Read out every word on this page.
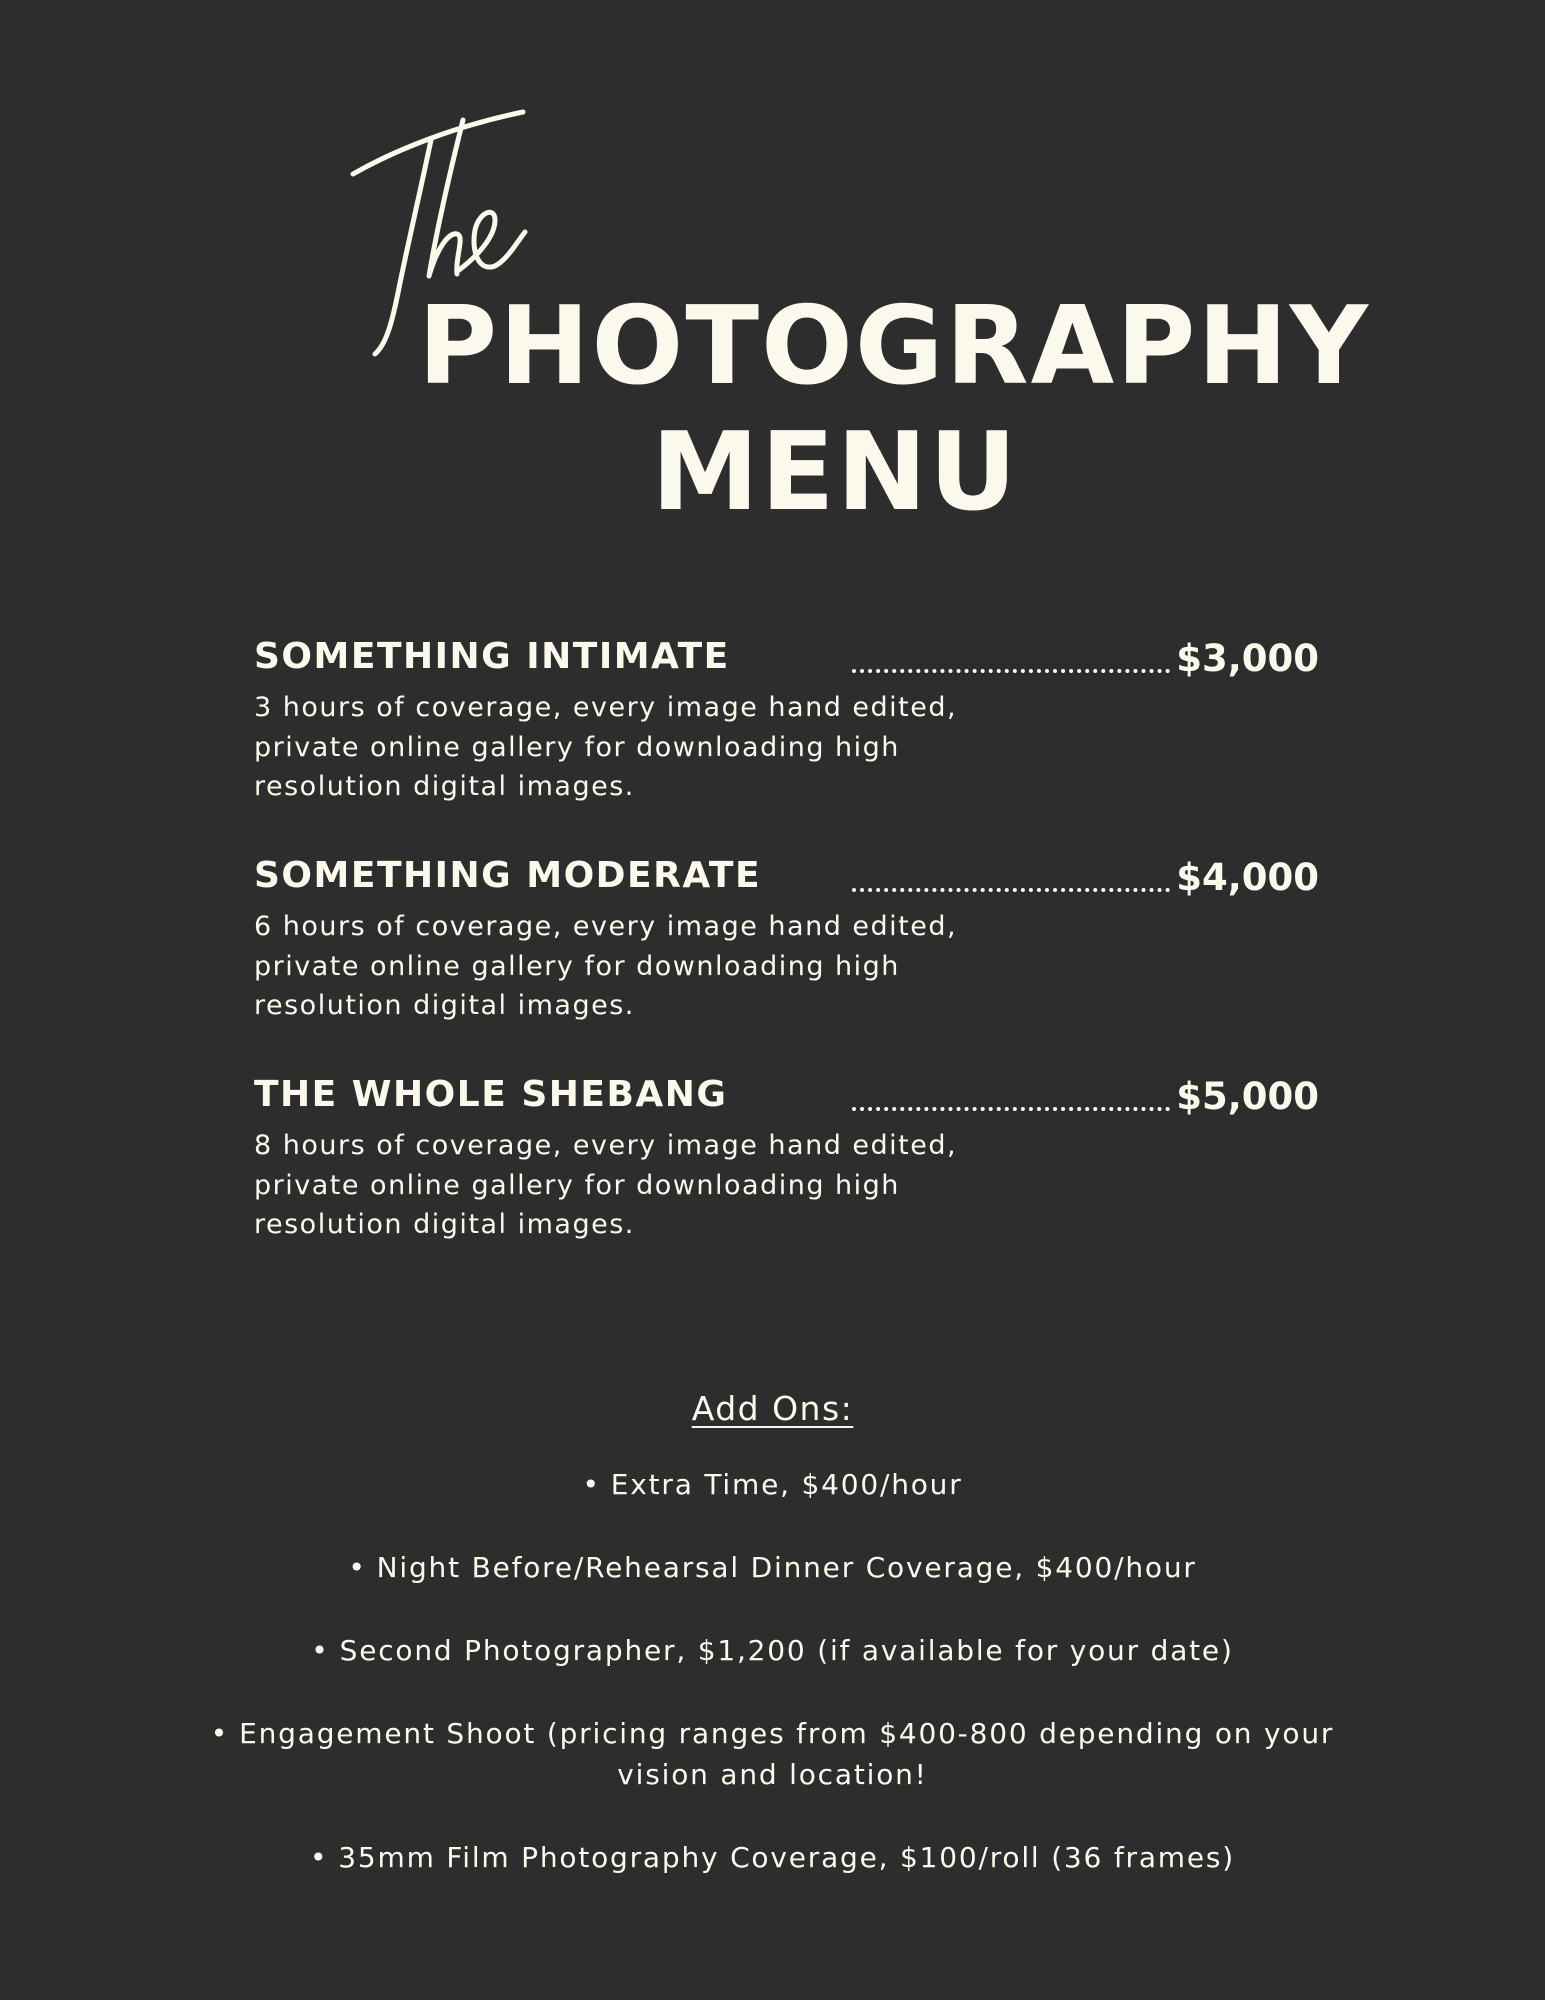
PHOTOGRAPHY
MENU
SOMETHING INTIMATE	$3,000

3 hours of coverage, every image hand edited, private online gallery for downloading high resolution digital images.

SOMETHING MODERATE	$4,000

6 hours of coverage, every image hand edited, private online gallery for downloading high resolution digital images.

THE WHOLE SHEBANG	$5,000

8 hours of coverage, every image hand edited, private online gallery for downloading high resolution digital images.

Add Ons:
• Extra Time, $400/hour
• Night Before/Rehearsal Dinner Coverage, $400/hour
• Second Photographer, $1,200 (if available for your date)
• Engagement Shoot (pricing ranges from $400-800 depending on your vision and location!
• 35mm Film Photography Coverage, $100/roll (36 frames)
